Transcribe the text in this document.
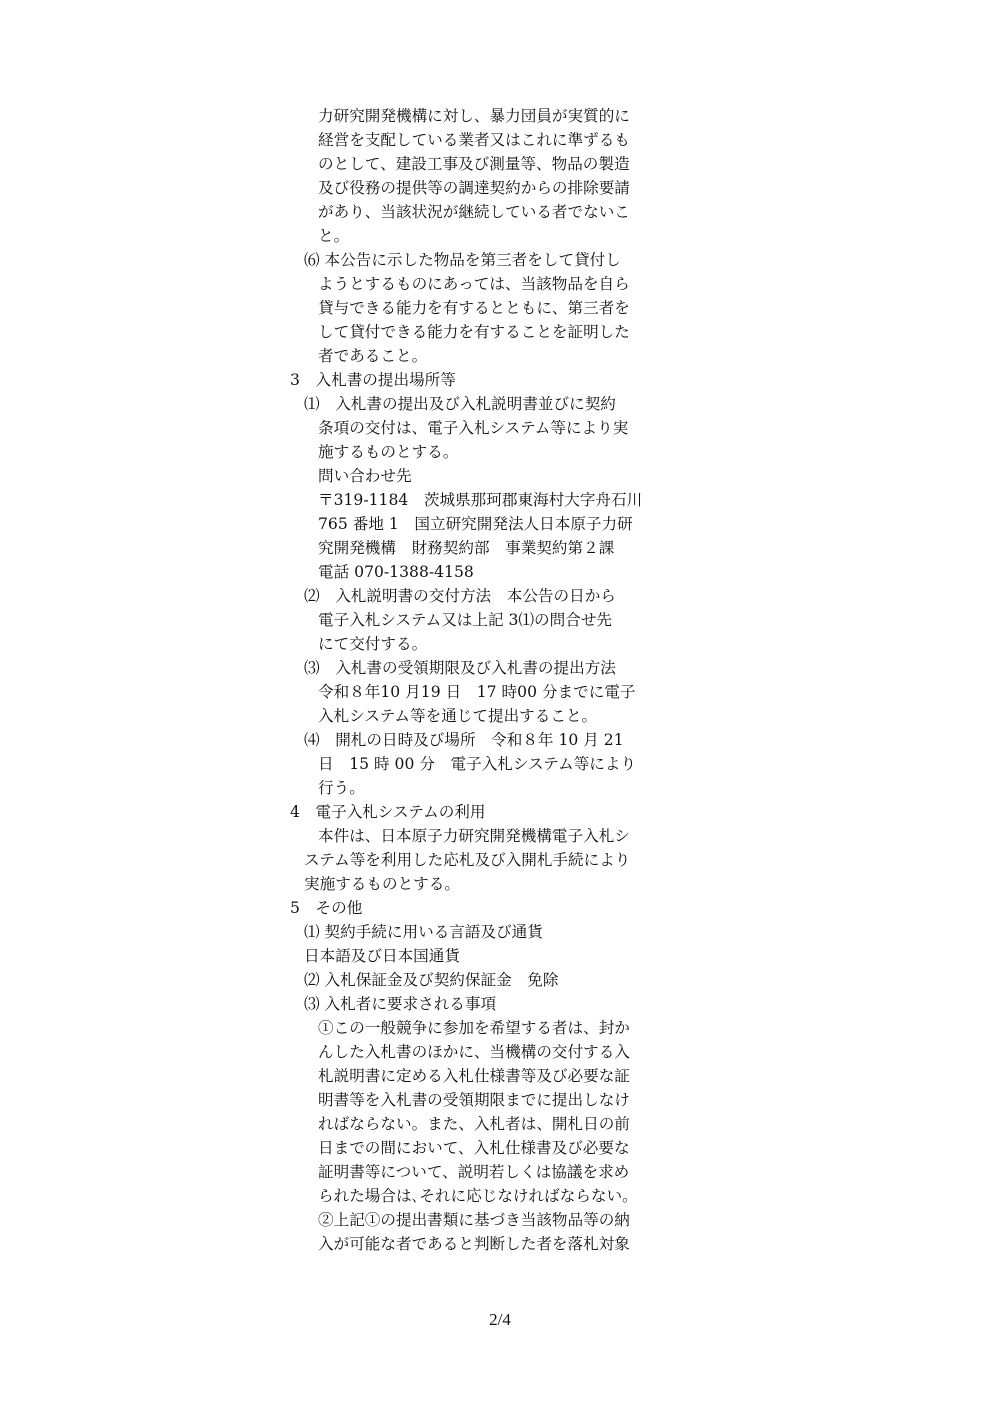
力研究開発機構に対し、暴力団員が実質的に
経営を支配している業者又はこれに準ずるも
のとして、建設工事及び測量等、物品の製造
及び役務の提供等の調達契約からの排除要請
があり、当該状況が継続している者でないこ
と。
⑹ 本公告に示した物品を第三者をして貸付し
ようとするものにあっては、当該物品を自ら
貸与できる能力を有するとともに、第三者を
して貸付できる能力を有することを証明した
者であること。
3　入札書の提出場所等
⑴　入札書の提出及び入札説明書並びに契約
条項の交付は、電子入札システム等により実
施するものとする。
問い合わせ先
〒319-1184　茨城県那珂郡東海村大字舟石川
765 番地 1　国立研究開発法人日本原子力研
究開発機構　財務契約部　事業契約第２課
電話 070-1388-4158
⑵　入札説明書の交付方法　本公告の日から
電子入札システム又は上記 3⑴の問合せ先
にて交付する。
⑶　入札書の受領期限及び入札書の提出方法
令和８年10 月19 日　17 時00 分までに電子
入札システム等を通じて提出すること。
⑷　開札の日時及び場所　令和８年 10 月 21
日　15 時 00 分　電子入札システム等により
行う。
4　電子入札システムの利用
本件は、日本原子力研究開発機構電子入札シ
ステム等を利用した応札及び入開札手続により
実施するものとする。
5　その他
⑴ 契約手続に用いる言語及び通貨
日本語及び日本国通貨
⑵ 入札保証金及び契約保証金　免除
⑶ 入札者に要求される事項
①この一般競争に参加を希望する者は、封か
んした入札書のほかに、当機構の交付する入
札説明書に定める入札仕様書等及び必要な証
明書等を入札書の受領期限までに提出しなけ
ればならない。また、入札者は、開札日の前
日までの間において、入札仕様書及び必要な
証明書等について、説明若しくは協議を求め
られた場合は､それに応じなければならない。
②上記①の提出書類に基づき当該物品等の納
入が可能な者であると判断した者を落札対象
2/4
